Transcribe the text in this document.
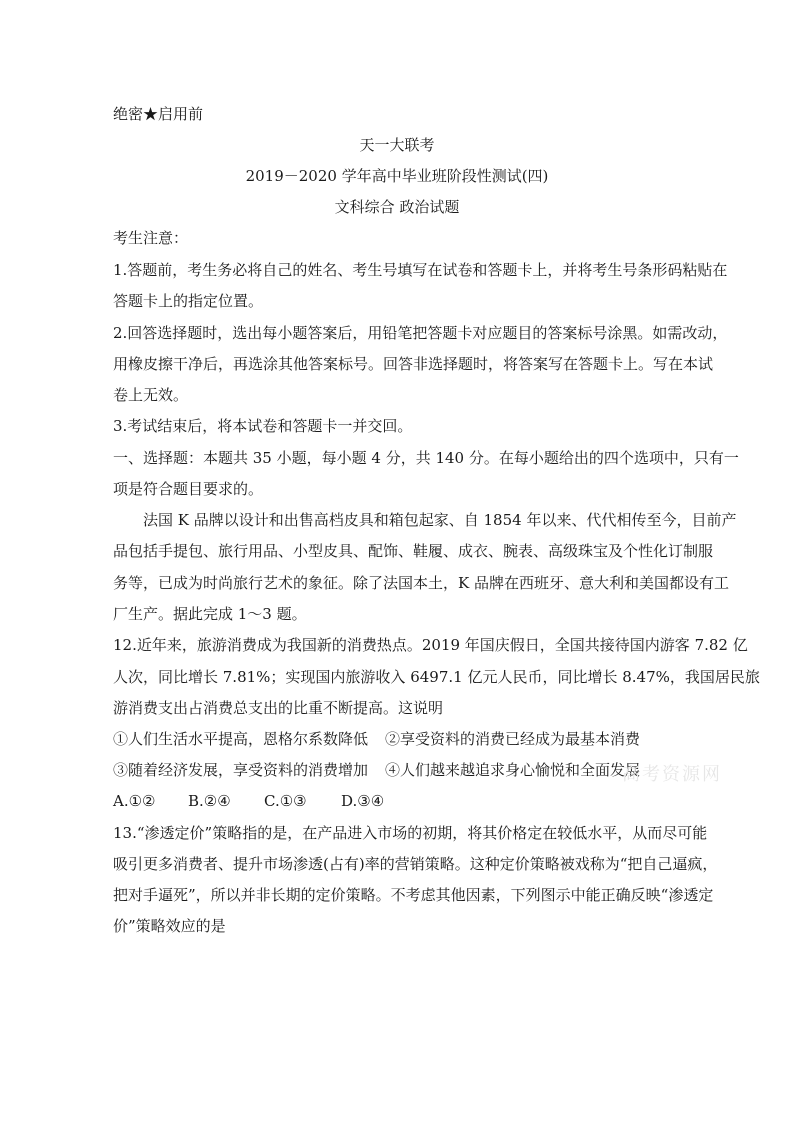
绝密★启用前
天一大联考
2019－2020 学年高中毕业班阶段性测试(四)
文科综合 政治试题
考生注意：
1.答题前，考生务必将自己的姓名、考生号填写在试卷和答题卡上，并将考生号条形码粘贴在
答题卡上的指定位置。
2.回答选择题时，选出每小题答案后，用铅笔把答题卡对应题目的答案标号涂黑。如需改动，
用橡皮擦干净后，再选涂其他答案标号。回答非选择题时，将答案写在答题卡上。写在本试
卷上无效。
3.考试结束后，将本试卷和答题卡一并交回。
一、选择题：本题共 35 小题，每小题 4 分，共 140 分。在每小题给出的四个选项中，只有一
项是符合题目要求的。
法国 K 品牌以设计和出售高档皮具和箱包起家、自 1854 年以来、代代相传至今，目前产
品包括手提包、旅行用品、小型皮具、配饰、鞋履、成衣、腕表、高级珠宝及个性化订制服
务等，已成为时尚旅行艺术的象征。除了法国本土，K 品牌在西班牙、意大利和美国都设有工
厂生产。据此完成 1～3 题。
12.近年来，旅游消费成为我国新的消费热点。2019 年国庆假日，全国共接待国内游客 7.82 亿
人次，同比增长 7.81%；实现国内旅游收入 6497.1 亿元人民币，同比增长 8.47%，我国居民旅
游消费支出占消费总支出的比重不断提高。这说明
①人们生活水平提高，恩格尔系数降低 ②享受资料的消费已经成为最基本消费
③随着经济发展，享受资料的消费增加 ④人们越来越追求身心愉悦和全面发展
A.①② B.②④ C.①③ D.③④
13.“渗透定价”策略指的是，在产品进入市场的初期，将其价格定在较低水平，从而尽可能
吸引更多消费者、提升市场渗透(占有)率的营销策略。这种定价策略被戏称为“把自己逼疯，
把对手逼死”，所以并非长期的定价策略。不考虑其他因素，下列图示中能正确反映“渗透定
价”策略效应的是
高考资源网
